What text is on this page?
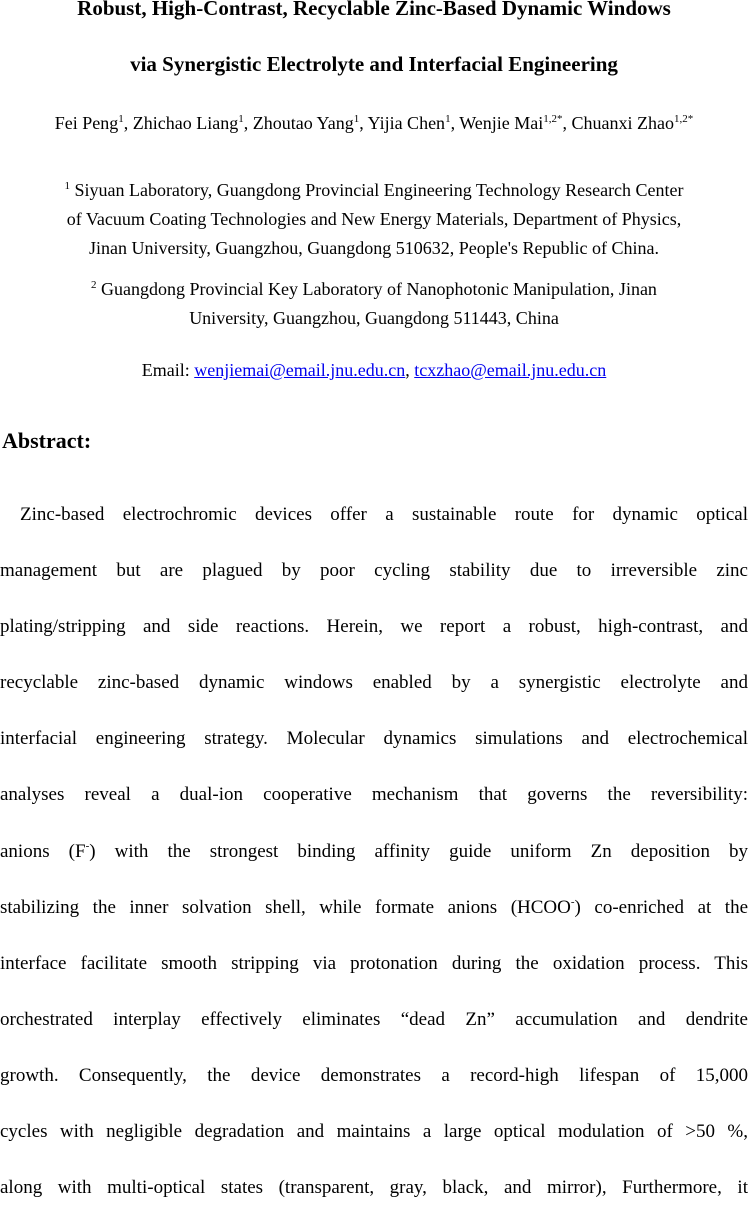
Robust, High-Contrast, Recyclable Zinc-Based Dynamic Windows
via Synergistic Electrolyte and Interfacial Engineering
Fei Peng$^1$, Zhichao Liang$^1$, Zhoutao Yang$^1$, Yijia Chen$^1$, Wenjie Mai$^{1,2*}$, Chuanxi Zhao$^{1,2*}$
$^1$ Siyuan Laboratory, Guangdong Provincial Engineering Technology Research Center
of Vacuum Coating Technologies and New Energy Materials, Department of Physics,
Jinan University, Guangzhou, Guangdong 510632, People's Republic of China.
$^2$ Guangdong Provincial Key Laboratory of Nanophotonic Manipulation, Jinan
University, Guangzhou, Guangdong 511443, China
Email: wenjiemai@email.jnu.edu.cn, tcxzhao@email.jnu.edu.cn
Abstract:
Zinc-based electrochromic devices offer a sustainable route for dynamic optical
management but are plagued by poor cycling stability due to irreversible zinc
plating/stripping and side reactions. Herein, we report a robust, high-contrast, and
recyclable zinc-based dynamic windows enabled by a synergistic electrolyte and
interfacial engineering strategy. Molecular dynamics simulations and electrochemical
analyses reveal a dual-ion cooperative mechanism that governs the reversibility:
anions (F-) with the strongest binding affinity guide uniform Zn deposition by
stabilizing the inner solvation shell, while formate anions (HCOO-) co-enriched at the
interface facilitate smooth stripping via protonation during the oxidation process. This
orchestrated interplay effectively eliminates “dead Zn” accumulation and dendrite
growth. Consequently, the device demonstrates a record-high lifespan of 15,000
cycles with negligible degradation and maintains a large optical modulation of >50 %,
along with multi-optical states (transparent, gray, black, and mirror), Furthermore, it
